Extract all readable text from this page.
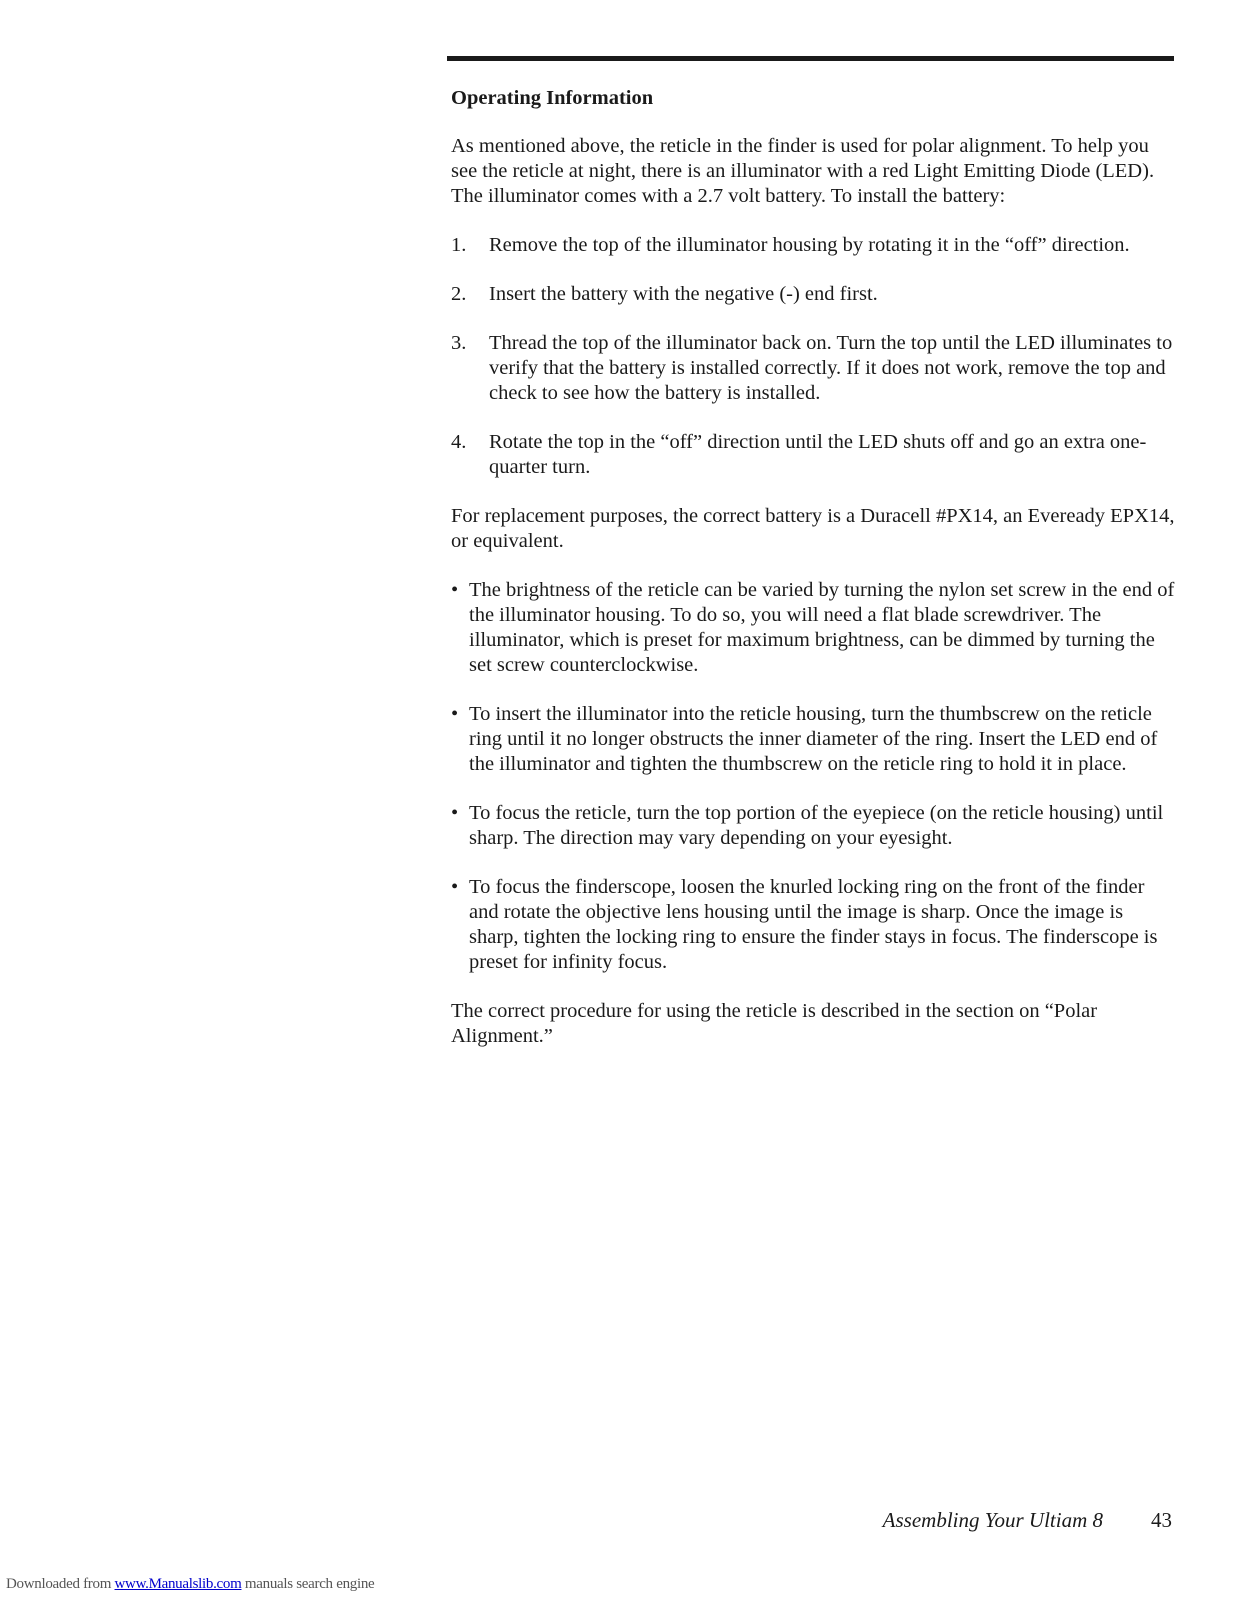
Operating Information

As mentioned above, the reticle in the finder is used for polar alignment. To help you see the reticle at night, there is an illuminator with a red Light Emitting Diode (LED). The illuminator comes with a 2.7 volt battery. To install the battery:

1.	Remove the top of the illuminator housing by rotating it in the “off” direction.
2.	Insert the battery with the negative (-) end first.
3.	Thread the top of the illuminator back on. Turn the top until the LED illuminates to verify that the battery is installed correctly. If it does not work, remove the top and check to see how the battery is installed.
4.	Rotate the top in the “off” direction until the LED shuts off and go an extra one-quarter turn.

For replacement purposes, the correct battery is a Duracell #PX14, an Eveready EPX14, or equivalent.

• The brightness of the reticle can be varied by turning the nylon set screw in the end of the illuminator housing. To do so, you will need a flat blade screwdriver. The illuminator, which is preset for maximum brightness, can be dimmed by turning the set screw counterclockwise.
• To insert the illuminator into the reticle housing, turn the thumbscrew on the reticle ring until it no longer obstructs the inner diameter of the ring. Insert the LED end of the illuminator and tighten the thumbscrew on the reticle ring to hold it in place.
• To focus the reticle, turn the top portion of the eyepiece (on the reticle housing) until sharp. The direction may vary depending on your eyesight.
• To focus the finderscope, loosen the knurled locking ring on the front of the finder and rotate the objective lens housing until the image is sharp. Once the image is sharp, tighten the locking ring to ensure the finder stays in focus. The finderscope is preset for infinity focus.

The correct procedure for using the reticle is described in the section on “Polar Alignment.”

Assembling Your Ultiam 8 43
Downloaded from www.Manualslib.com manuals search engine
